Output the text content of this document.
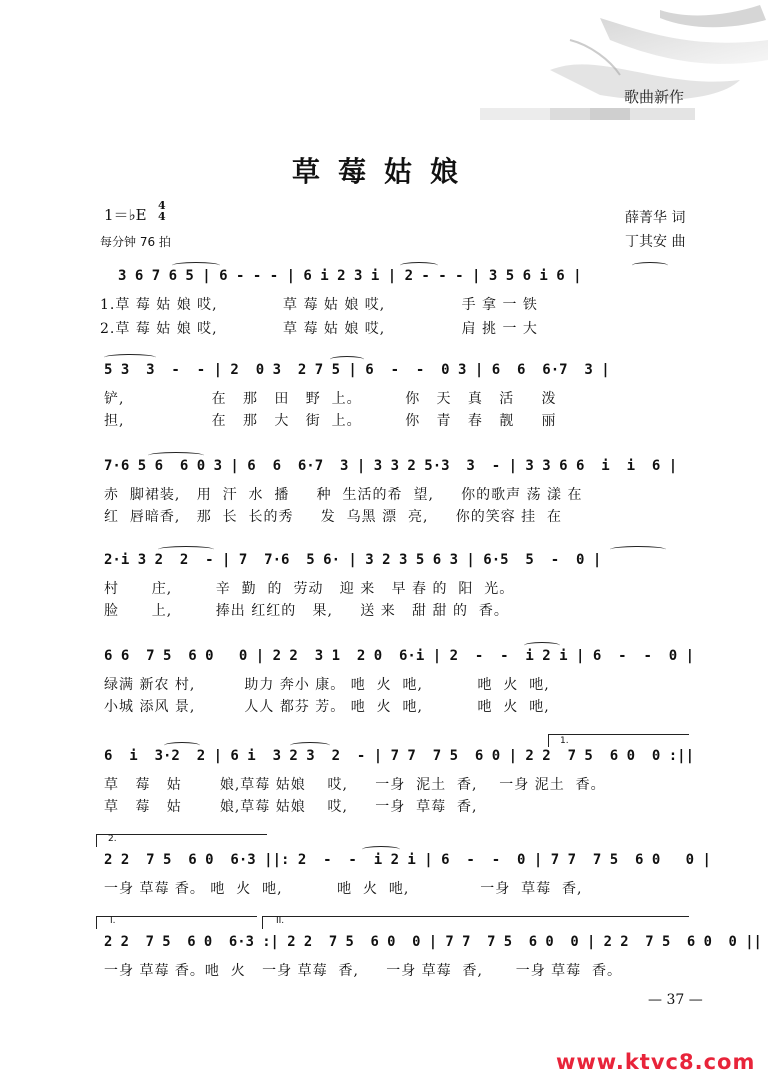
歌曲新作
草莓姑娘
1＝♭E
4
4
每分钟 76 拍
薛菁华 词
丁其安 曲
3 6 7 6 5 | 6 - - - | 6 i 2 3 i | 2 - - - | 3 5 6 i 6 |
1.草 莓 姑 娘 哎,            草 莓 姑 娘 哎,              手 拿 一 铁
2.草 莓 姑 娘 哎,            草 莓 姑 娘 哎,              肩 挑 一 大
5 3  3  -  - | 2  0 3  2 7 5 | 6  -  -  0 3 | 6  6  6·7  3 |
铲,                在   那   田   野  上。        你   天   真   活     泼
担,                在   那   大   街  上。        你   青   春   靓     丽
7·6 5 6  6 0 3 | 6  6  6·7  3 | 3 3 2 5·3  3  - | 3 3 6 6  i  i  6 |
赤  脚裙装,   用  汗  水  播     种  生活的希  望,     你的歌声 荡 漾 在
红  唇暗香,   那  长  长的秀     发  乌黑 漂  亮,     你的笑容 挂  在
2·i 3 2  2  - | 7  7·6  5 6· | 3 2 3 5 6 3 | 6·5  5  -  0 |
村      庄,        辛  勤  的  劳动   迎 来   早 春 的  阳  光。
脸      上,        捧出 红红的   果,     送 来   甜 甜 的  香。
6 6  7 5  6 0   0 | 2 2  3 1  2 0  6·i | 2  -  -  i 2 i | 6  -  -  0 |
绿满 新农 村,         助力 奔小 康。 吔  火  吔,          吔  火  吔,
小城 添风 景,         人人 都芬 芳。 吔  火  吔,          吔  火  吔,
1.
6  i  3·2  2 | 6 i  3 2 3  2  - | 7 7  7 5  6 0 | 2 2  7 5  6 0  0 :||
草   莓   姑       娘,草莓 姑娘    哎,     一身  泥土  香,    一身 泥土  香。
草   莓   姑       娘,草莓 姑娘    哎,     一身  草莓  香,
2.
2 2  7 5  6 0  6·3 ||: 2  -  -  i 2 i | 6  -  -  0 | 7 7  7 5  6 0   0 |
一身 草莓 香。 吔  火  吔,          吔  火  吔,             一身  草莓  香,
I.	II.
2 2  7 5  6 0  6·3 :| 2 2  7 5  6 0  0 | 7 7  7 5  6 0  0 | 2 2  7 5  6 0  0 ||
一身 草莓 香。吔  火   一身 草莓  香,     一身 草莓  香,      一身 草莓  香。
— 37 —
www.ktvc8.com
